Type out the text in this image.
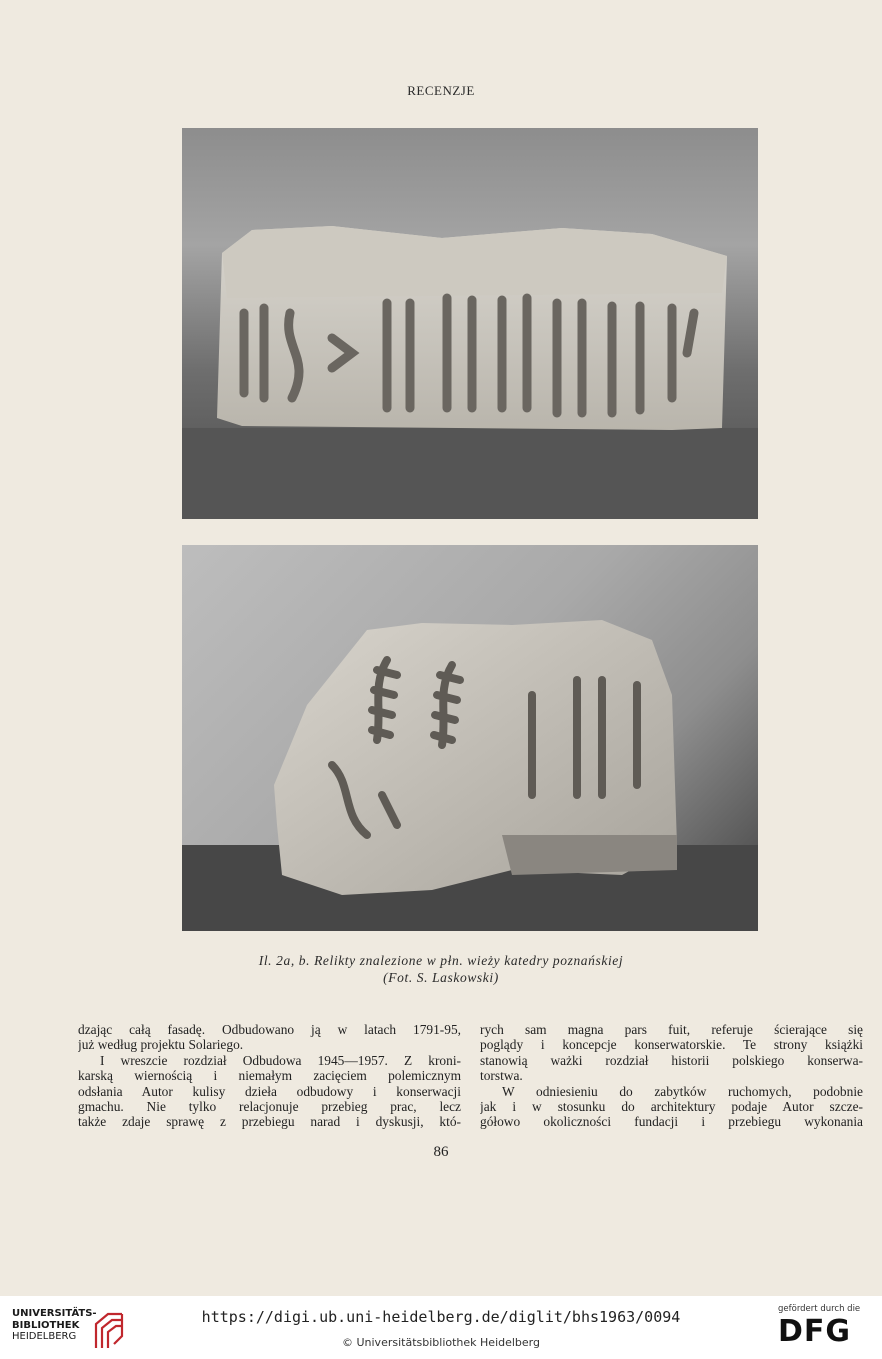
RECENZJE
Il. 2a, b. Relikty znalezione w płn. wieży katedry poznańskiej
(Fot. S. Laskowski)

dzając całą fasadę. Odbudowano ją w latach 1791-95,

już według projektu Solariego.

I wreszcie rozdział Odbudowa 1945—1957. Z kroni-

karską wiernością i niemałym zacięciem polemicznym

odsłania Autor kulisy dzieła odbudowy i konserwacji

gmachu. Nie tylko relacjonuje przebieg prac, lecz

także zdaje sprawę z przebiegu narad i dyskusji, któ-

rych sam magna pars fuit, referuje ścierające się

poglądy i koncepcje konserwatorskie. Te strony książki

stanowią ważki rozdział historii polskiego konserwa-

torstwa.

W odniesieniu do zabytków ruchomych, podobnie

jak i w stosunku do architektury podaje Autor szcze-

gółowo okoliczności fundacji i przebiegu wykonania

86
UNIVERSITÄTS-
BIBLIOTHEK
HEIDELBERG
https://digi.ub.uni-heidelberg.de/diglit/bhs1963/0094
© Universitätsbibliothek Heidelberg
gefördert durch die
DFG
